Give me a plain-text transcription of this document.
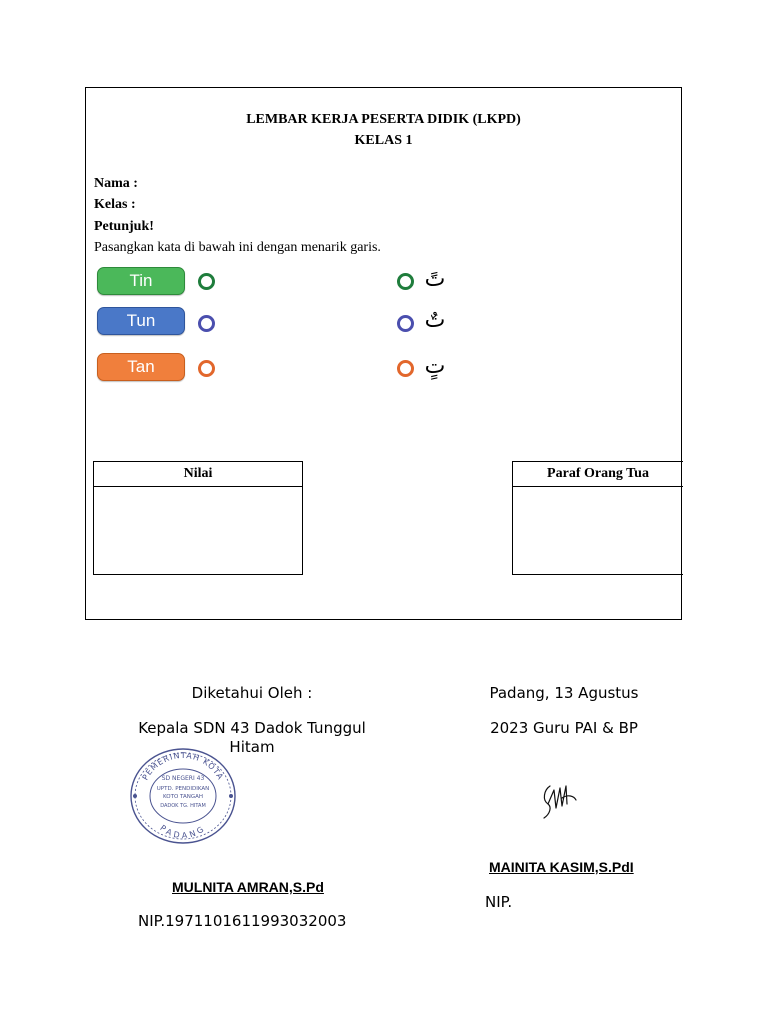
LEMBAR KERJA PESERTA DIDIK (LKPD)
KELAS 1
Nama :
Kelas :
Petunjuk!
Pasangkan kata di bawah ini dengan menarik garis.
Tin
Tun
Tan
تً
تٌ
تٍ
Nilai	Paraf Orang Tua
Diketahui Oleh :
Kepala SDN 43 Dadok Tunggul Hitam
PEMERINTAH KOTA
PADANG
SD NEGERI 43
UPTD. PENDIDIKAN
KOTO TANGAH
DADOK TG. HITAM
MULNITA AMRAN,S.Pd
NIP.197110161199303​2003
Padang, 13 Agustus
2023 Guru PAI & BP
MAINITA KASIM,S.PdI
NIP.
